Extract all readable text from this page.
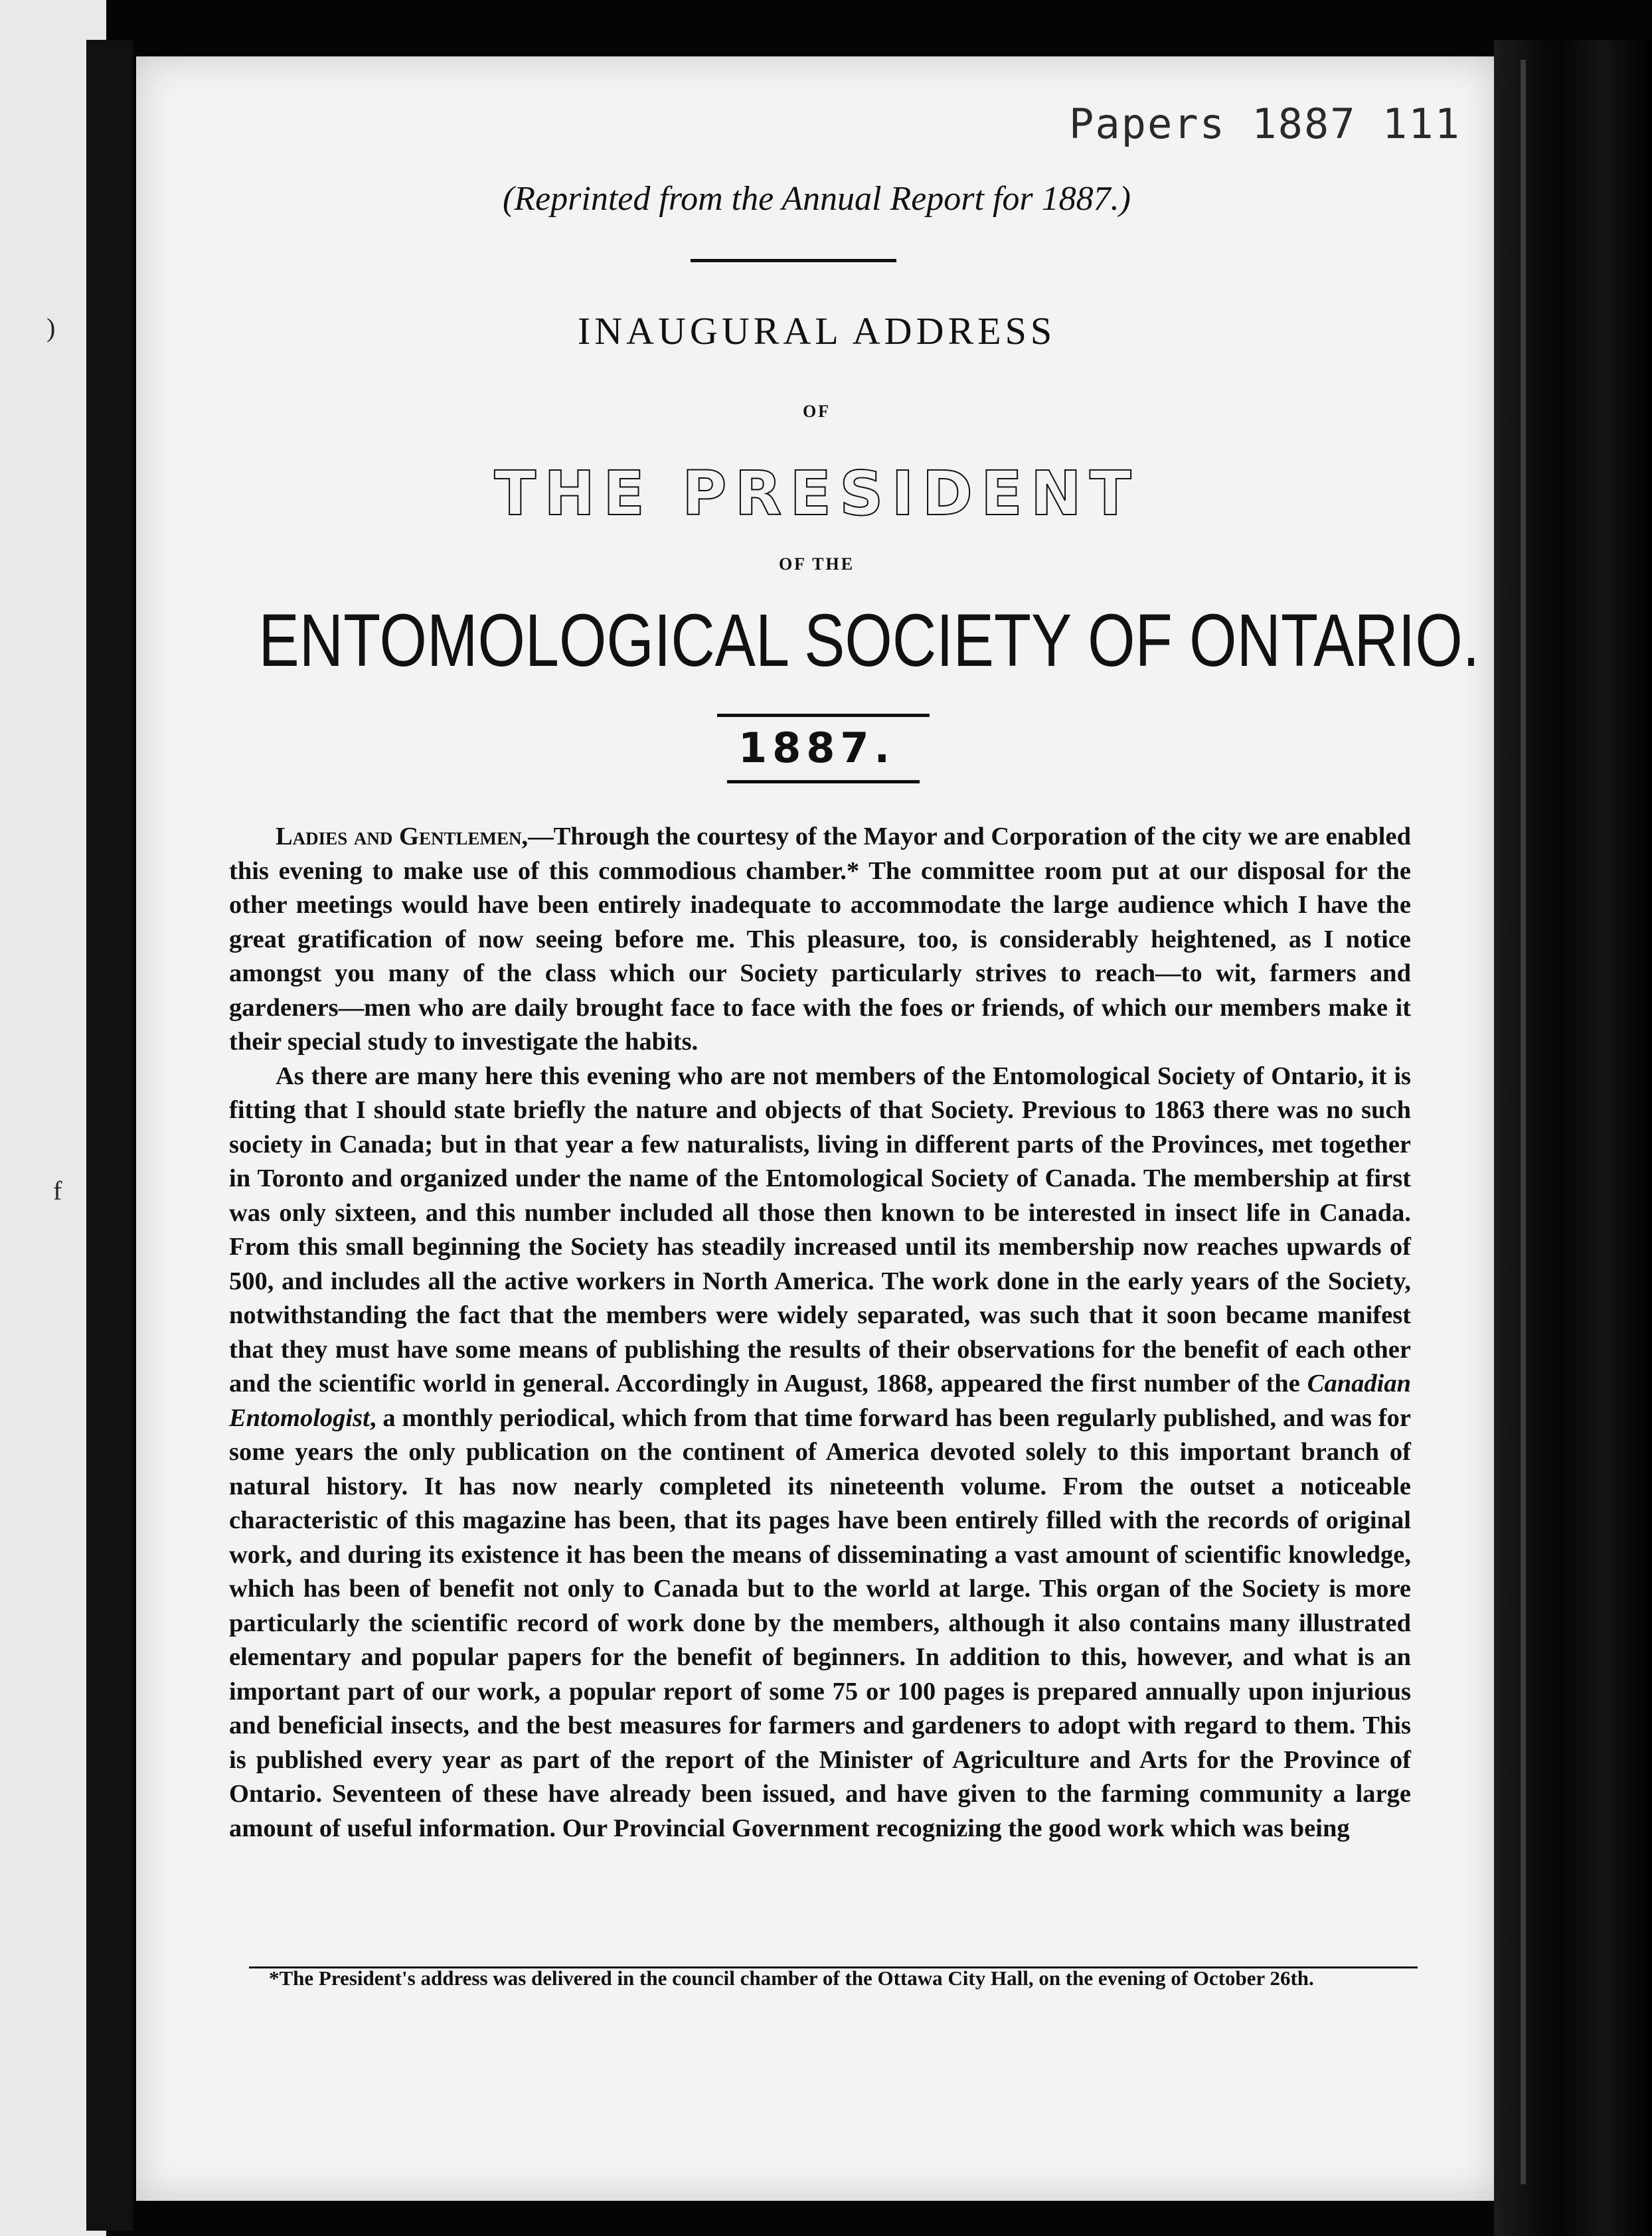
)
f
Papers 1887 111
(Reprinted from the Annual Report for 1887.)
INAUGURAL ADDRESS
OF
THE PRESIDENT
OF THE
ENTOMOLOGICAL SOCIETY OF ONTARIO.
1887.

Ladies and Gentlemen,—Through the courtesy of the Mayor and Corporation of the city we are enabled this evening to make use of this commodious chamber.* The committee room put at our disposal for the other meetings would have been entirely inadequate to accommodate the large audience which I have the great gratification of now seeing before me. This pleasure, too, is considerably heightened, as I notice amongst you many of the class which our Society particularly strives to reach—to wit, farmers and gardeners—men who are daily brought face to face with the foes or friends, of which our members make it their special study to investigate the habits.

As there are many here this evening who are not members of the Entomological Society of Ontario, it is fitting that I should state briefly the nature and objects of that Society. Previous to 1863 there was no such society in Canada; but in that year a few naturalists, living in different parts of the Provinces, met together in Toronto and organized under the name of the Entomological Society of Canada. The membership at first was only sixteen, and this number included all those then known to be interested in insect life in Canada. From this small beginning the Society has steadily increased until its membership now reaches upwards of 500, and includes all the active workers in North America. The work done in the early years of the Society, notwithstanding the fact that the members were widely separated, was such that it soon became manifest that they must have some means of publishing the results of their observations for the benefit of each other and the scientific world in general. Accordingly in August, 1868, appeared the first number of the Canadian Entomologist, a monthly periodical, which from that time forward has been regularly published, and was for some years the only publication on the continent of America devoted solely to this important branch of natural history. It has now nearly completed its nineteenth volume. From the outset a noticeable characteristic of this magazine has been, that its pages have been entirely filled with the records of original work, and during its existence it has been the means of disseminating a vast amount of scientific knowledge, which has been of benefit not only to Canada but to the world at large. This organ of the Society is more particularly the scientific record of work done by the members, although it also contains many illustrated elementary and popular papers for the benefit of beginners. In addition to this, however, and what is an important part of our work, a popular report of some 75 or 100 pages is prepared annually upon injurious and beneficial insects, and the best measures for farmers and gardeners to adopt with regard to them. This is published every year as part of the report of the Minister of Agriculture and Arts for the Province of Ontario. Seventeen of these have already been issued, and have given to the farming community a large amount of useful information. Our Provincial Government recognizing the good work which was being

*The President's address was delivered in the council chamber of the Ottawa City Hall, on the evening of October 26th.
